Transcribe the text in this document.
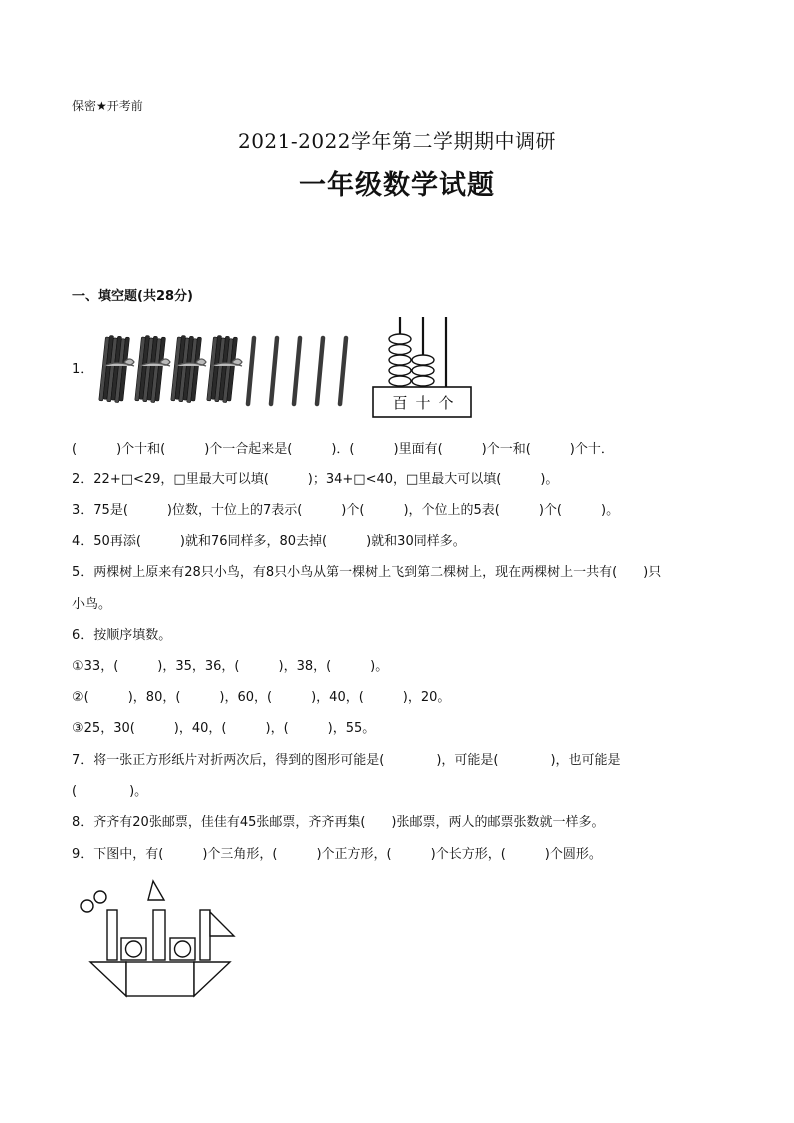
保密★开考前
2021-2022学年第二学期期中调研
一年级数学试题
一、填空题(共28分)
1．
百 十 个
(　　　)个十和(　　　)个一合起来是(　　　)．(　　　)里面有(　　　)个一和(　　　)个十．
2．22+□<29，□里最大可以填(　　　)；34+□<40，□里最大可以填(　　　)。
3．75是(　　　)位数，十位上的7表示(　　　)个(　　　)，个位上的5表(　　　)个(　　　)。
4．50再添(　　　)就和76同样多，80去掉(　　　)就和30同样多。
5．两棵树上原来有28只小鸟，有8只小鸟从第一棵树上飞到第二棵树上，现在两棵树上一共有(　　)只
小鸟。
6．按顺序填数。
①33，(　　　)，35，36，(　　　)，38，(　　　)。
②(　　　)，80，(　　　)，60，(　　　)，40，(　　　)，20。
③25，30(　　　)，40，(　　　)，(　　　)，55。
7．将一张正方形纸片对折两次后，得到的图形可能是(　　　　)，可能是(　　　　)，也可能是
(　　　　)。
8．齐齐有20张邮票，佳佳有45张邮票，齐齐再集(　　)张邮票，两人的邮票张数就一样多。
9．下图中，有(　　　)个三角形，(　　　)个正方形，(　　　)个长方形，(　　　)个圆形。
